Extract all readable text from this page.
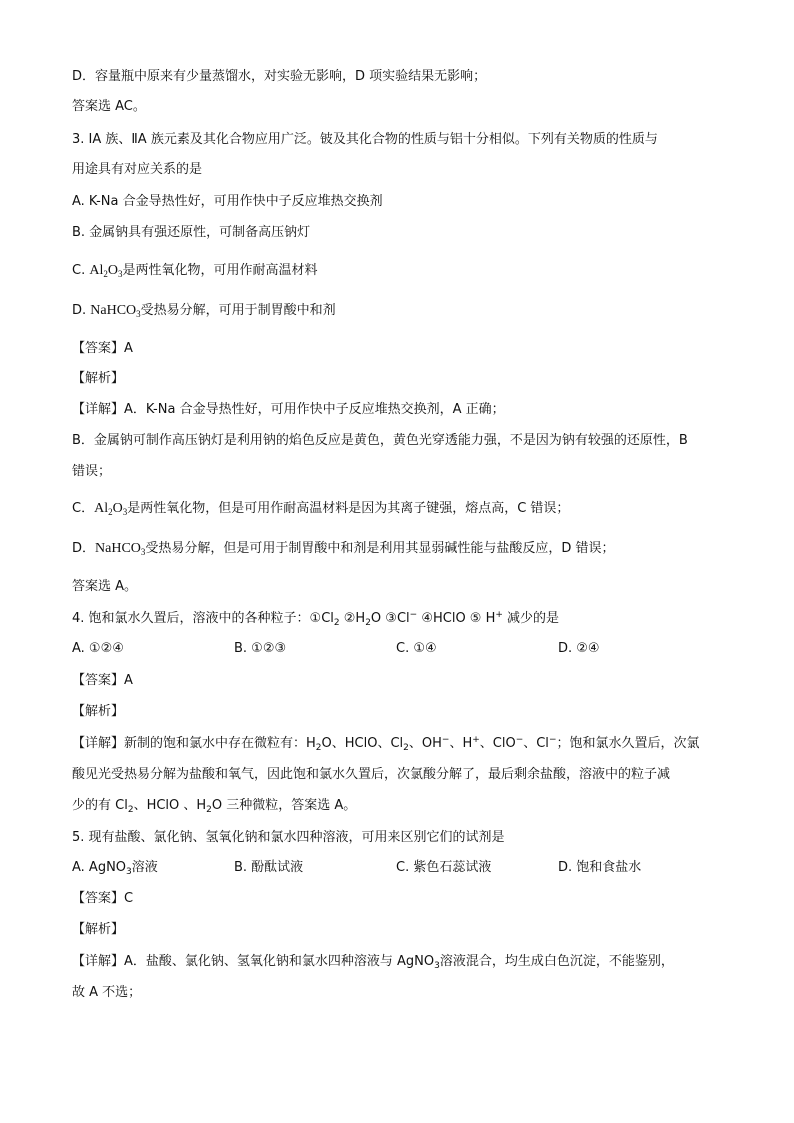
D．容量瓶中原来有少量蒸馏水，对实验无影响，D 项实验结果无影响；
答案选 AC。
3. ⅠA 族、ⅡA 族元素及其化合物应用广泛。铍及其化合物的性质与铝十分相似。下列有关物质的性质与
用途具有对应关系的是
A. K-Na 合金导热性好，可用作快中子反应堆热交换剂
B. 金属钠具有强还原性，可制备高压钠灯
C. $Al_2O_3$是两性氧化物，可用作耐高温材料
D. NaHCO$_3$受热易分解，可用于制胃酸中和剂
【答案】A
【解析】
【详解】A．K-Na 合金导热性好，可用作快中子反应堆热交换剂，A 正确；
B．金属钠可制作高压钠灯是利用钠的焰色反应是黄色，黄色光穿透能力强，不是因为钠有较强的还原性，B
错误；
C．$Al_2O_3$是两性氧化物，但是可用作耐高温材料是因为其离子键强，熔点高，C 错误；
D．NaHCO$_3$受热易分解，但是可用于制胃酸中和剂是利用其显弱碱性能与盐酸反应，D 错误；
答案选 A。
4. 饱和氯水久置后，溶液中的各种粒子：$①Cl_2$ $②H_2O$ ③Cl− ④HClO ⑤ H+ 减少的是
A. ①②④	B. ①②③	C. ①④	D. ②④
【答案】A
【解析】
【详解】新制的饱和氯水中存在微粒有：$H_2O$、HClO、$Cl_2$、OH−、H+、ClO−、Cl−；饱和氯水久置后，次氯
酸见光受热易分解为盐酸和氧气，因此饱和氯水久置后，次氯酸分解了，最后剩余盐酸，溶液中的粒子减
少的有 $Cl_2$、HClO 、$H_2O$ 三种微粒，答案选 A。
5. 现有盐酸、氯化钠、氢氧化钠和氯水四种溶液，可用来区别它们的试剂是
A. AgNO$_3$溶液	B. 酚酞试液	C. 紫色石蕊试液	D. 饱和食盐水
【答案】C
【解析】
【详解】A．盐酸、氯化钠、氢氧化钠和氯水四种溶液与 AgNO$_3$溶液混合，均生成白色沉淀，不能鉴别，
故 A 不选；
